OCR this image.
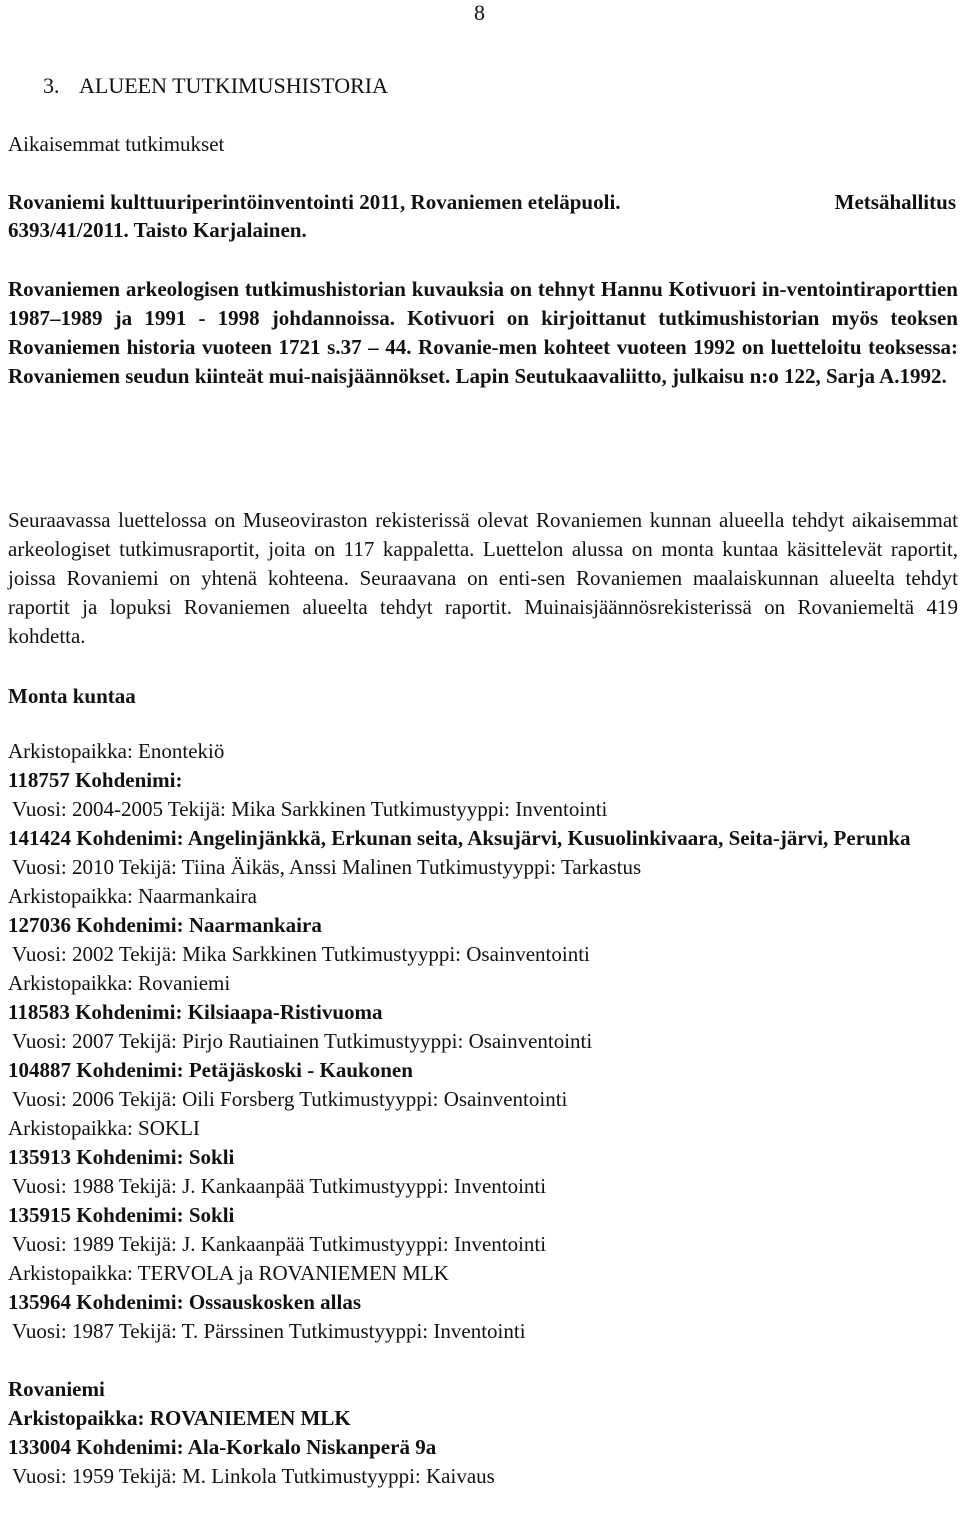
8
3. ALUEEN TUTKIMUSHISTORIA
Aikaisemmat tutkimukset
Rovaniemi kulttuuriperintöinventointi 2011, Rovaniemen eteläpuoli.	Metsähallitus
6393/41/2011. Taisto Karjalainen.

Rovaniemen arkeologisen tutkimushistorian kuvauksia on tehnyt Hannu Kotivuori in-ventointiraporttien 1987–1989 ja 1991 - 1998 johdannoissa. Kotivuori on kirjoittanut tutkimushistorian myös teoksen Rovaniemen historia vuoteen 1721 s.37 – 44. Rovanie-men kohteet vuoteen 1992 on luetteloitu teoksessa: Rovaniemen seudun kiinteät mui-naisjäännökset. Lapin Seutukaavaliitto, julkaisu n:o 122, Sarja A.1992.

Seuraavassa luettelossa on Museoviraston rekisterissä olevat Rovaniemen kunnan alueella tehdyt aikaisemmat arkeologiset tutkimusraportit, joita on 117 kappaletta. Luettelon alussa on monta kuntaa käsittelevät raportit, joissa Rovaniemi on yhtenä kohteena. Seuraavana on enti-sen Rovaniemen maalaiskunnan alueelta tehdyt raportit ja lopuksi Rovaniemen alueelta tehdyt raportit. Muinaisjäännösrekisterissä on Rovaniemeltä 419 kohdetta.

Monta kuntaa
Arkistopaikka: Enontekiö
118757 Kohdenimi:
Vuosi: 2004-2005 Tekijä: Mika Sarkkinen Tutkimustyyppi: Inventointi
141424 Kohdenimi: Angelinjänkkä, Erkunan seita, Aksujärvi, Kusuolinkivaara, Seita-järvi, Perunka
Vuosi: 2010 Tekijä: Tiina Äikäs, Anssi Malinen Tutkimustyyppi: Tarkastus
Arkistopaikka: Naarmankaira
127036 Kohdenimi: Naarmankaira
Vuosi: 2002 Tekijä: Mika Sarkkinen Tutkimustyyppi: Osainventointi
Arkistopaikka: Rovaniemi
118583 Kohdenimi: Kilsiaapa-Ristivuoma
Vuosi: 2007 Tekijä: Pirjo Rautiainen Tutkimustyyppi: Osainventointi
104887 Kohdenimi: Petäjäskoski - Kaukonen
Vuosi: 2006 Tekijä: Oili Forsberg Tutkimustyyppi: Osainventointi
Arkistopaikka: SOKLI
135913 Kohdenimi: Sokli
Vuosi: 1988 Tekijä: J. Kankaanpää Tutkimustyyppi: Inventointi
135915 Kohdenimi: Sokli
Vuosi: 1989 Tekijä: J. Kankaanpää Tutkimustyyppi: Inventointi
Arkistopaikka: TERVOLA ja ROVANIEMEN MLK
135964 Kohdenimi: Ossauskosken allas
Vuosi: 1987 Tekijä: T. Pärssinen Tutkimustyyppi: Inventointi
Rovaniemi
Arkistopaikka: ROVANIEMEN MLK
133004 Kohdenimi: Ala-Korkalo Niskanperä 9a
Vuosi: 1959 Tekijä: M. Linkola Tutkimustyyppi: Kaivaus
